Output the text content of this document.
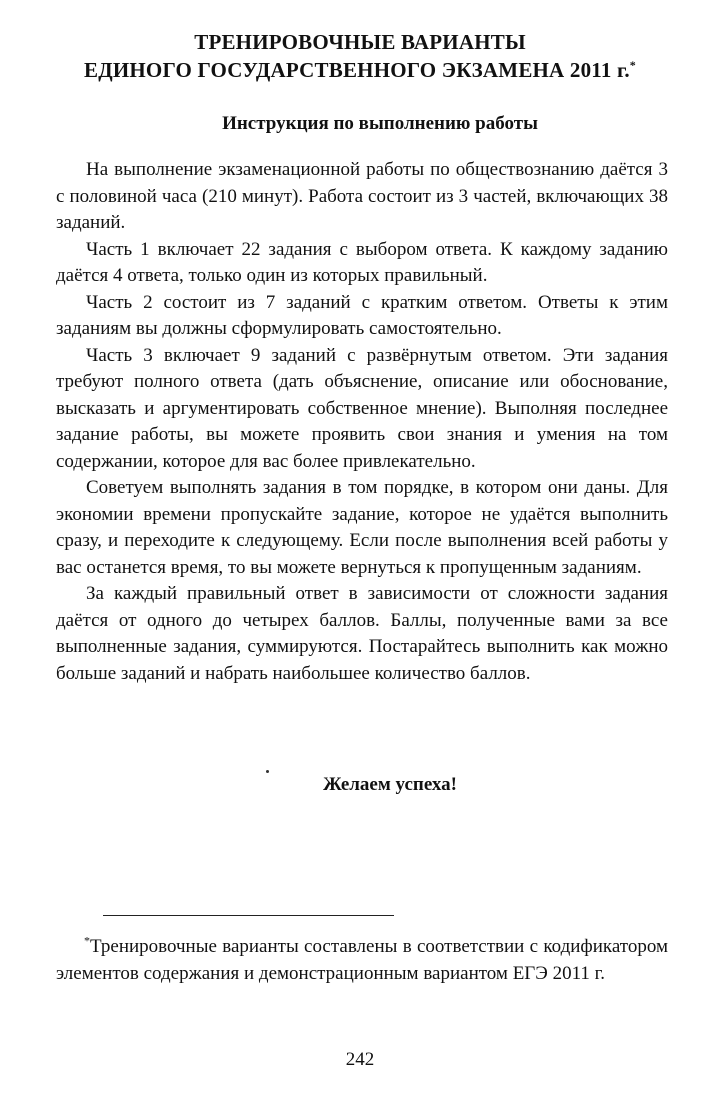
ТРЕНИРОВОЧНЫЕ ВАРИАНТЫ
ЕДИНОГО ГОСУДАРСТВЕННОГО ЭКЗАМЕНА 2011 г.*
Инструкция по выполнению работы

На выполнение экзаменационной работы по обществознанию даётся 3 с половиной часа (210 минут). Работа состоит из 3 частей, включающих 38 заданий.

Часть 1 включает 22 задания с выбором ответа. К каждому заданию даётся 4 ответа, только один из которых правильный.

Часть 2 состоит из 7 заданий с кратким ответом. Ответы к этим заданиям вы должны сформулировать самостоятельно.

Часть 3 включает 9 заданий с развёрнутым ответом. Эти задания требуют полного ответа (дать объяснение, описание или обоснование, высказать и аргументировать собственное мнение). Выполняя последнее задание работы, вы можете проявить свои знания и умения на том содержании, которое для вас более привлекательно.

Советуем выполнять задания в том порядке, в котором они даны. Для экономии времени пропускайте задание, которое не удаётся выполнить сразу, и переходите к следующему. Если после выполнения всей работы у вас останется время, то вы можете вернуться к пропущенным заданиям.

За каждый правильный ответ в зависимости от сложности задания даётся от одного до четырех баллов. Баллы, полученные вами за все выполненные задания, суммируются. Постарайтесь выполнить как можно больше заданий и набрать наибольшее количество баллов.

Желаем успеха!
*Тренировочные варианты составлены в соответствии с кодификатором элементов содержания и демонстрационным вариантом ЕГЭ 2011 г.
242
